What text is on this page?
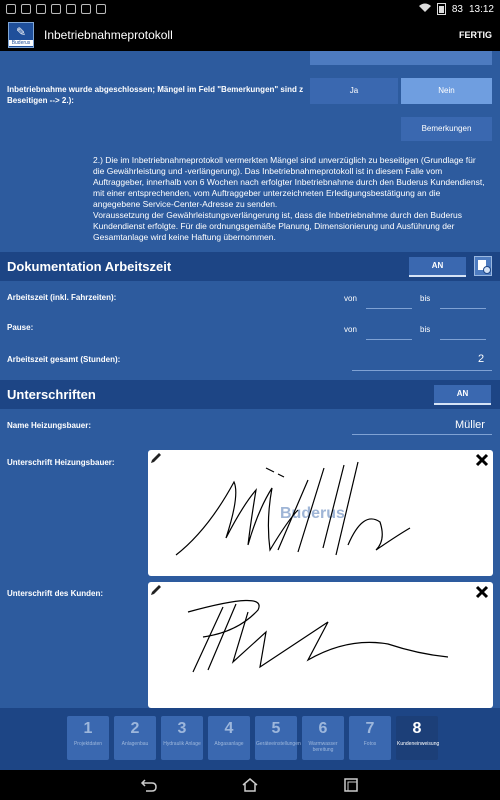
83 13:12
✎
Buderus
Inbetriebnahmeprotokoll	FERTIG
Inbetriebnahme wurde abgeschlossen; Mängel im Feld "Bemerkungen" sind z Beseitigen --> 2.):
Ja	Nein
Bemerkungen
2.) Die im Inbetriebnahmeprotokoll vermerkten Mängel sind unverzüglich zu beseitigen (Grundlage für die Gewährleistung und -verlängerung). Das Inbetriebnahmeprotokoll ist in diesem Falle vom Auftraggeber, innerhalb von 6 Wochen nach erfolgter Inbetriebnahme durch den Buderus Kundendienst, mit einer entsprechenden, vom Auftraggeber unterzeichneten Erledigungsbestätigung an die angegebene Service-Center-Adresse zu senden.
Voraussetzung der Gewährleistungsverlängerung ist, dass die Inbetriebnahme durch den Buderus Kundendienst erfolgte. Für die ordnungsgemäße Planung, Dimensionierung und Ausführung der Gesamtanlage wird keine Haftung übernommen.
Dokumentation Arbeitszeit	AN
Arbeitszeit (inkl. Fahrzeiten):	von	bis
Pause:	von	bis
Arbeitszeit gesamt (Stunden):	2
Unterschriften	AN
Name Heizungsbauer:	Müller
Unterschrift Heizungsbauer:
Buderus
Unterschrift des Kunden:
1
Projektdaten
2
Anlagenbau
3
Hydraulik Anlage
4
Abgasanlage
5
Geräteeinstellungen
6
Warmwasser bereitung
7
Fotos
8
Kundeneinweisung
